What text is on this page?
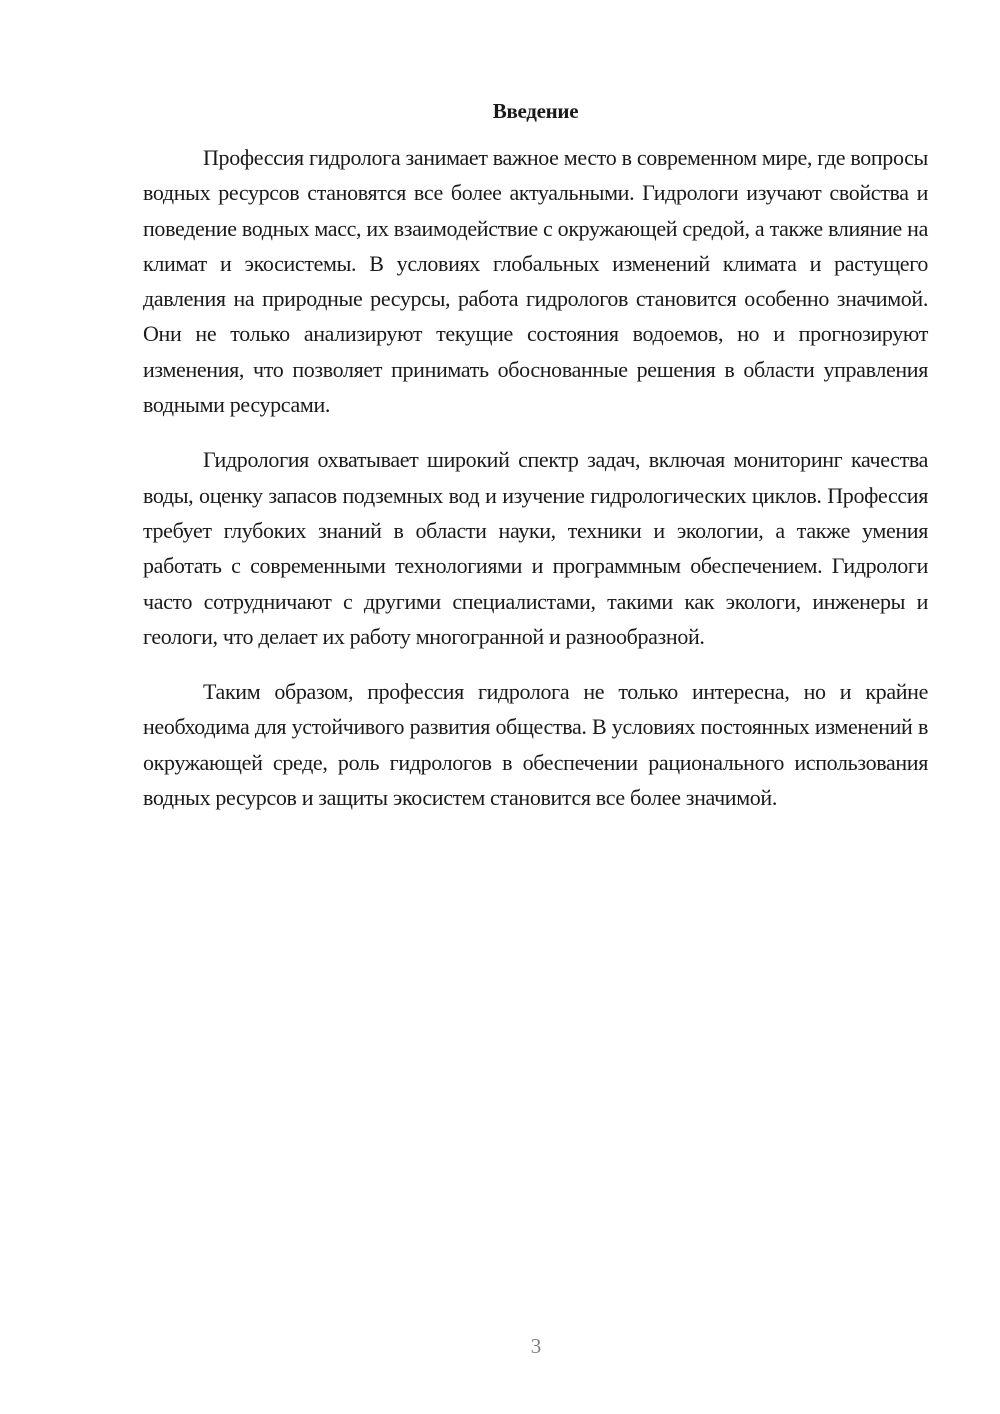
Введение

Профессия гидролога занимает важное место в современном мире, где вопросы водных ресурсов становятся все более актуальными. Гидрологи изучают свойства и поведение водных масс, их взаимодействие с окружающей средой, а также влияние на климат и экосистемы. В условиях глобальных изменений климата и растущего давления на природные ресурсы, работа гидрологов становится особенно значимой. Они не только анализируют текущие состояния водоемов, но и прогнозируют изменения, что позволяет принимать обоснованные решения в области управления водными ресурсами.

Гидрология охватывает широкий спектр задач, включая мониторинг качества воды, оценку запасов подземных вод и изучение гидрологических циклов. Профессия требует глубоких знаний в области науки, техники и экологии, а также умения работать с современными технологиями и программным обеспечением. Гидрологи часто сотрудничают с другими специалистами, такими как экологи, инженеры и геологи, что делает их работу многогранной и разнообразной.

Таким образом, профессия гидролога не только интересна, но и крайне необходима для устойчивого развития общества. В условиях постоянных изменений в окружающей среде, роль гидрологов в обеспечении рационального использования водных ресурсов и защиты экосистем становится все более значимой.

3
